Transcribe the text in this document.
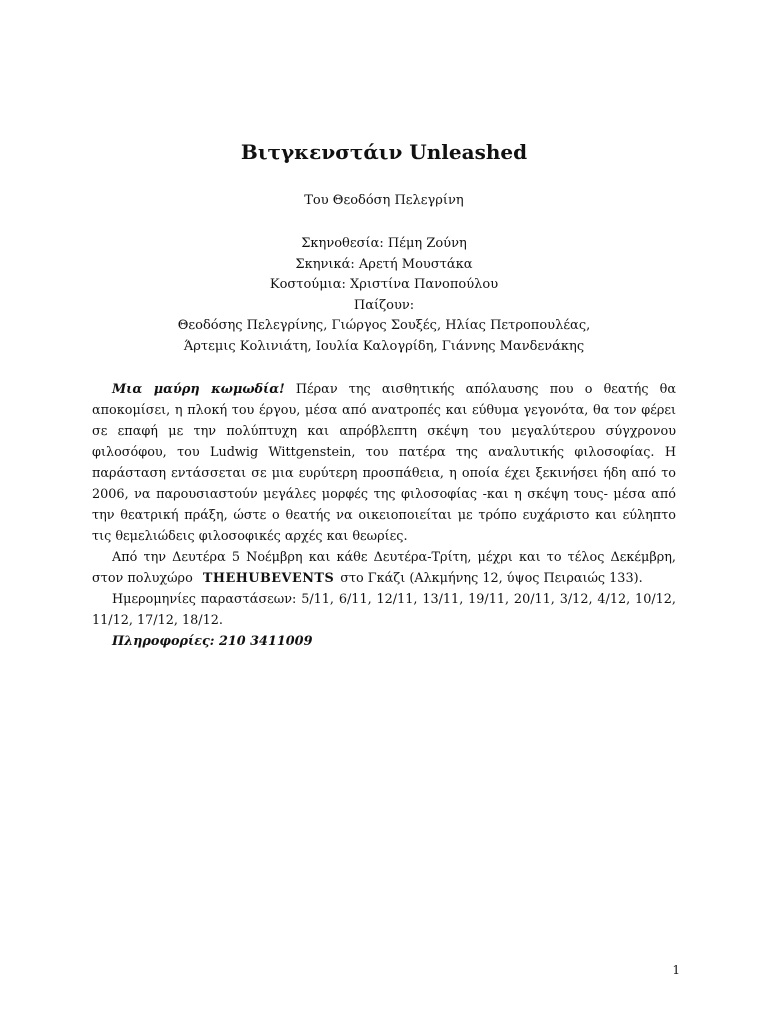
Βιτγκενστάιν Unleashed
Του Θεοδόση Πελεγρίνη
Σκηνοθεσία: Πέμη Ζούνη
Σκηνικά: Αρετή Μουστάκα
Κοστούμια: Χριστίνα Πανοπούλου
Παίζουν:
Θεοδόσης Πελεγρίνης, Γιώργος Σουξές, Ηλίας Πετροπουλέας,
Άρτεμις Κολινιάτη, Ιουλία Καλογρίδη, Γιάννης Μανδενάκης

Μια μαύρη κωμωδία! Πέραν της αισθητικής απόλαυσης που ο θεατής θα αποκομίσει, η πλοκή του έργου, μέσα από ανατροπές και εύθυμα γεγονότα, θα τον φέρει σε επαφή με την πολύπτυχη και απρόβλεπτη σκέψη του μεγαλύτερου σύγχρονου φιλοσόφου, του Ludwig Wittgenstein, του πατέρα της αναλυτικής φιλοσοφίας. Η παράσταση εντάσσεται σε μια ευρύτερη προσπάθεια, η οποία έχει ξεκινήσει ήδη από το 2006, να παρουσιαστούν μεγάλες μορφές της φιλοσοφίας -και η σκέψη τους- μέσα από την θεατρική πράξη, ώστε ο θεατής να οικειοποιείται με τρόπο ευχάριστο και εύληπτο τις θεμελιώδεις φιλοσοφικές αρχές και θεωρίες.

Από την Δευτέρα 5 Νοέμβρη και κάθε Δευτέρα-Τρίτη, μέχρι και το τέλος Δεκέμβρη, στον πολυχώρο THEHUBEVENTS στο Γκάζι (Αλκμήνης 12, ύψος Πειραιώς 133).

Ημερομηνίες παραστάσεων: 5/11, 6/11, 12/11, 13/11, 19/11, 20/11, 3/12, 4/12, 10/12, 11/12, 17/12, 18/12.

Πληροφορίες: 210 3411009

1
